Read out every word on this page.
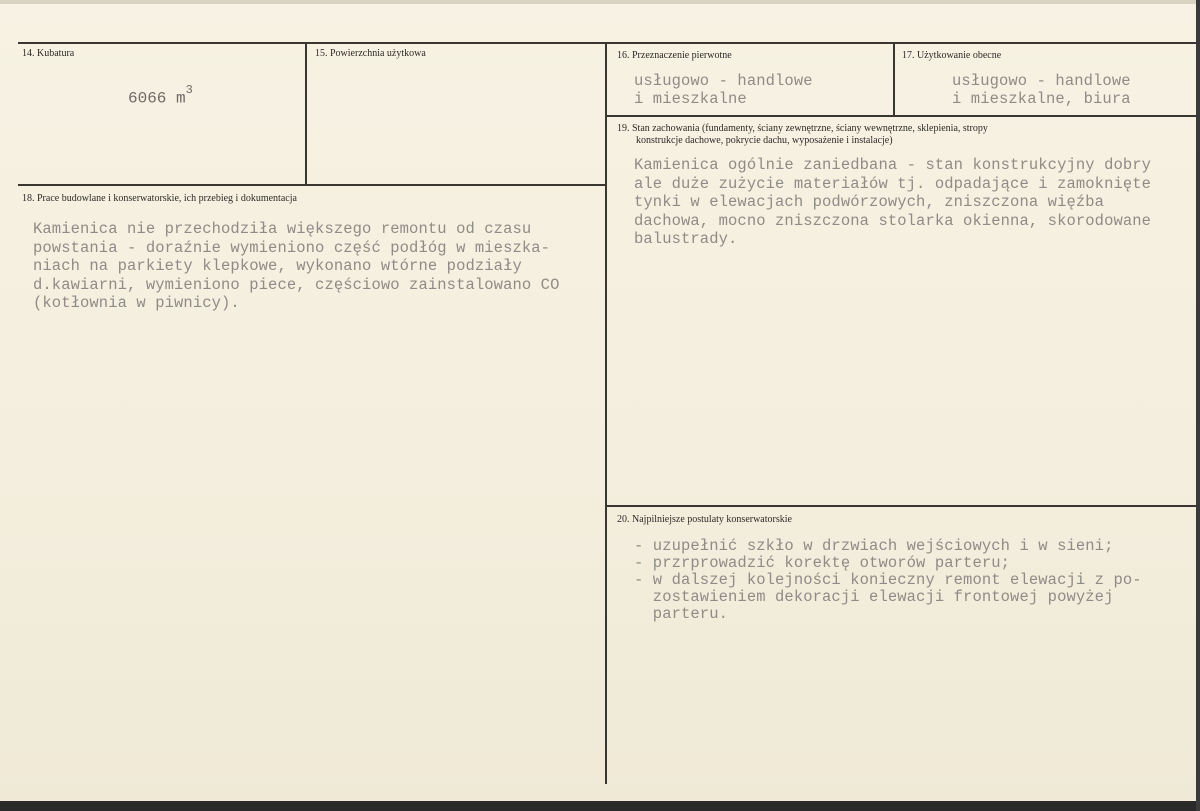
14. Kubatura
6066 $m^3$
15. Powierzchnia użytkowa	16. Przeznaczenie pierwotne
usługowo - handlowe
i mieszkalne
17. Użytkowanie obecne
usługowo - handlowe
i mieszkalne, biura
18. Prace budowlane i konserwatorskie, ich przebieg i dokumentacja
Kamienica nie przechodziła większego remontu od czasu
powstania - doraźnie wymieniono część podłóg w mieszka-
niach na parkiety klepkowe, wykonano wtórne podziały
d.kawiarni, wymieniono piece, częściowo zainstalowano CO
(kotłownia w piwnicy).
19. Stan zachowania (fundamenty, ściany zewnętrzne, ściany wewnętrzne, sklepienia, stropy
konstrukcje dachowe, pokrycie dachu, wyposażenie i instalacje)
Kamienica ogólnie zaniedbana - stan konstrukcyjny dobry
ale duże zużycie materiałów tj. odpadające i zamoknięte
tynki w elewacjach podwórzowych, zniszczona więźba
dachowa, mocno zniszczona stolarka okienna, skorodowane
balustrady.
20. Najpilniejsze postulaty konserwatorskie
- uzupełnić szkło w drzwiach wejściowych i w sieni;
- przrprowadzić korektę otworów parteru;
- w dalszej kolejności konieczny remont elewacji z po-
zostawieniem dekoracji elewacji frontowej powyżej
parteru.
